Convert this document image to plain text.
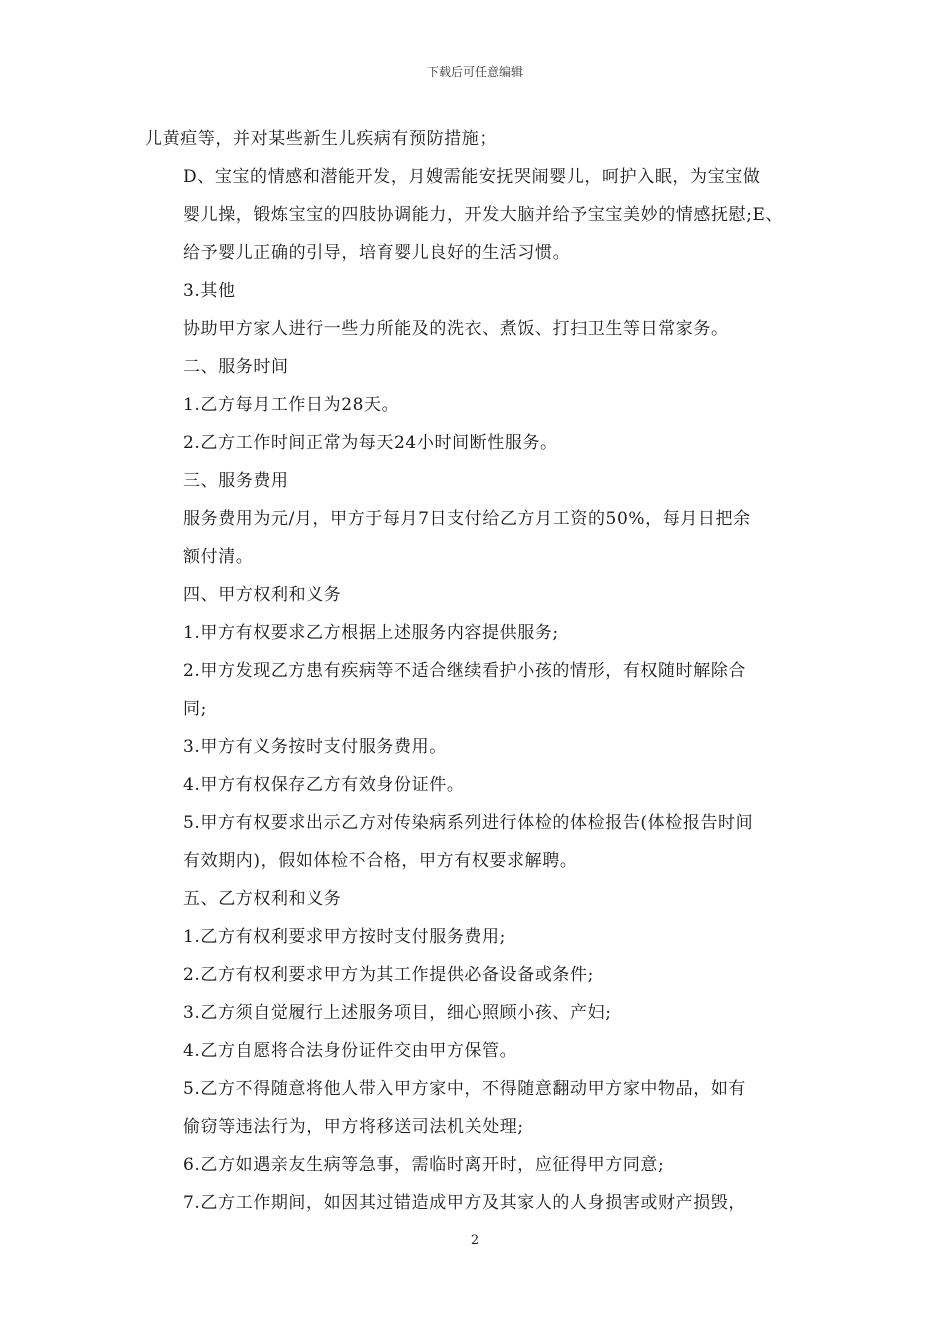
下载后可任意编辑

儿黄疸等，并对某些新生儿疾病有预防措施；

D、宝宝的情感和潜能开发，月嫂需能安抚哭闹婴儿，呵护入眠，为宝宝做
婴儿操，锻炼宝宝的四肢协调能力，开发大脑并给予宝宝美妙的情感抚慰;E、
给予婴儿正确的引导，培育婴儿良好的生活习惯。

3.其他

协助甲方家人进行一些力所能及的洗衣、煮饭、打扫卫生等日常家务。

二、服务时间

1.乙方每月工作日为28天。

2.乙方工作时间正常为每天24小时间断性服务。

三、服务费用

服务费用为元/月，甲方于每月7日支付给乙方月工资的50%，每月日把余
额付清。

四、甲方权利和义务

1.甲方有权要求乙方根据上述服务内容提供服务;

2.甲方发现乙方患有疾病等不适合继续看护小孩的情形，有权随时解除合
同;

3.甲方有义务按时支付服务费用。

4.甲方有权保存乙方有效身份证件。

5.甲方有权要求出示乙方对传染病系列进行体检的体检报告(体检报告时间
有效期内)，假如体检不合格，甲方有权要求解聘。

五、乙方权利和义务

1.乙方有权利要求甲方按时支付服务费用;

2.乙方有权利要求甲方为其工作提供必备设备或条件;

3.乙方须自觉履行上述服务项目，细心照顾小孩、产妇;

4.乙方自愿将合法身份证件交由甲方保管。

5.乙方不得随意将他人带入甲方家中，不得随意翻动甲方家中物品，如有
偷窃等违法行为，甲方将移送司法机关处理;

6.乙方如遇亲友生病等急事，需临时离开时，应征得甲方同意;

7.乙方工作期间，如因其过错造成甲方及其家人的人身损害或财产损毁，

2
